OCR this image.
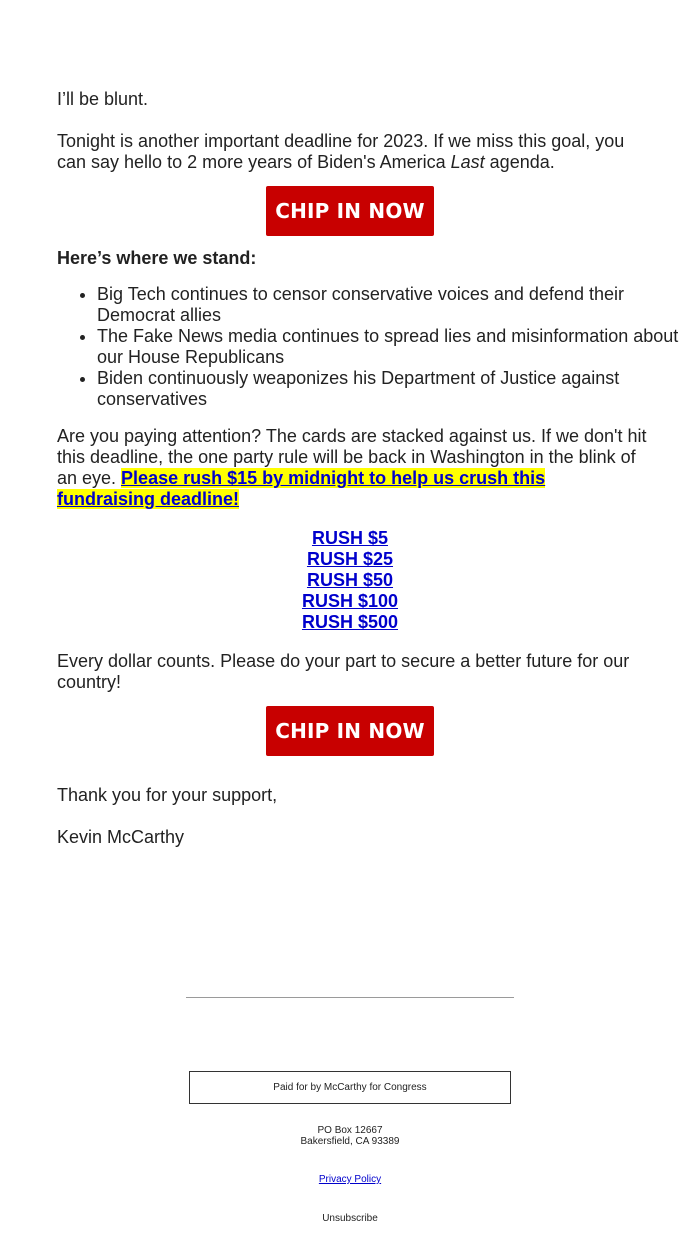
I’ll be blunt.

Tonight is another important deadline for 2023. If we miss this goal, you can say hello to 2 more years of Biden's America Last agenda.

CHIP IN NOW

Here’s where we stand:

• Big Tech continues to censor conservative voices and defend their Democrat allies
• The Fake News media continues to spread lies and misinformation about our House Republicans
• Biden continuously weaponizes his Department of Justice against conservatives

Are you paying attention? The cards are stacked against us. If we don't hit this deadline, the one party rule will be back in Washington in the blink of an eye. Please rush $15 by midnight to help us crush this fundraising deadline!

RUSH $5
RUSH $25
RUSH $50
RUSH $100
RUSH $500

Every dollar counts. Please do your part to secure a better future for our country!

CHIP IN NOW

Thank you for your support,

Kevin McCarthy

Paid for by McCarthy for Congress
PO Box 12667
Bakersfield, CA 93389
Privacy Policy
Unsubscribe
